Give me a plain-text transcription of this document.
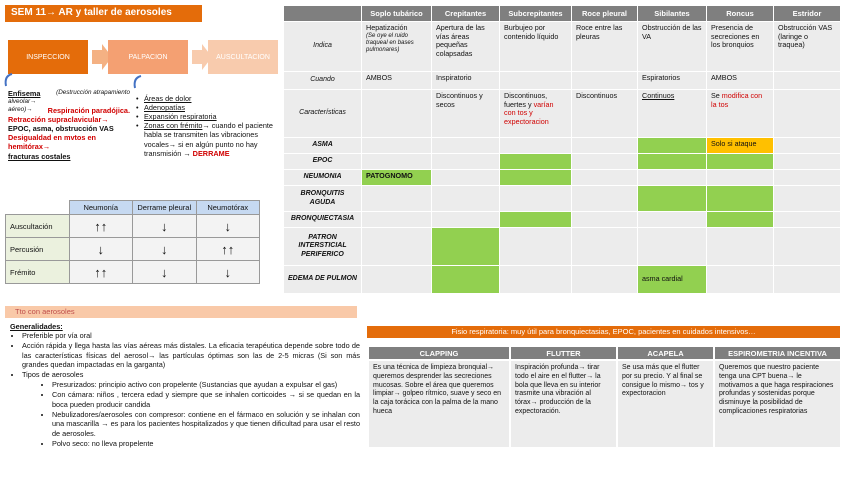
SEM 11→ AR y taller de aerosoles
INSPECCION	PALPACION	AUSCULTACION
Enfisema (Destrucción atrapamiento
alveolar→
aéreo)→ Respiración paradójica.
Retracción supraclavicular→
EPOC, asma, obstrucción VAS
Desigualdad en mvtos en hemitórax→
fracturas costales
• Áreas de dolor
• Adenopatías
• Expansión respiratoria
• Zonas con frémito→ cuando el paciente habla se transmiten las vibraciones vocales→ si en algún punto no hay transmisión → DERRAME
	Neumonía	Derrame pleural	Neumotórax
Auscultación	↑↑	↓	↓
Percusión	↓	↓	↑↑
Frémito	↑↑	↓	↓
	Soplo tubárico	Crepitantes	Subcrepitantes	Roce pleural	Sibilantes	Roncus	Estridor
Indica	Hepatización
(Se oye el ruido traqueal en bases pulmonares)	Apertura de las vías áreas pequeñas colapsadas	Burbujeo por contenido líquido	Roce entre las pleuras	Obstrucción de las VA	Presencia de secreciones en los bronquios	Obstrucción VAS (laringe o traquea)
Cuando	AMBOS	Inspiratorio			Espiratorios	AMBOS	
Características		Discontinuos y secos	Discontinuos, fuertes y varían con tos y expectoracion	Discontinuos	Continuos	Se modifica con la tos	
ASMA						Solo si ataque	
EPOC							
NEUMONIA	PATOGNOMO						
BRONQUITIS AGUDA							
BRONQUIECTASIA							
PATRON INTERSTICIAL PERIFERICO							
EDEMA DE PULMON					asma cardial		
Tto con aerosoles
Generalidades:
• Preferible por vía oral
• Acción rápida y llega hasta las vías aéreas más distales. La eficacia terapéutica depende sobre todo de las características físicas del aerosol→ las partículas óptimas son las de 2-5 micras (Si son más grandes quedan impactadas en la garganta)
• Tipos de aerosoles
• Presurizados: principio activo con propelente (Sustancias que ayudan a expulsar el gas)
• Con cámara: niños , tercera edad y siempre que se inhalen corticoides → si se quedan en la boca pueden producir candida
• Nebulizadores/aerosoles con compresor: contiene en el fármaco en solución y se inhalan con una mascarilla → es para los pacientes hospitalizados y que tienen dificultad para usar el resto de aerosoles.
• Polvo seco: no lleva propelente
Fisio respiratoria: muy útil para bronquiectasias, EPOC, pacientes en cuidados intensivos…
CLAPPING	FLUTTER	ACAPELA	ESPIROMETRIA INCENTIVA
Es una técnica de limpieza bronquial→ queremos desprender las secreciones mucosas. Sobre el área que queremos limpiar→ golpeo rítmico, suave y seco en la caja torácica con la palma de la mano hueca	Inspiración profunda→ tirar todo el aire en el flutter→ la bola que lleva en su interior trasmite una vibración al tórax→ producción de la expectoración.	Se usa más que el flutter por su precio. Y al final se consigue lo mismo→ tos y expectoracion	Queremos que nuestro paciente tenga una CPT buena→ le motivamos a que haga respiraciones profundas y sostenidas porque disminuye la posibilidad de complicaciones respiratorias
